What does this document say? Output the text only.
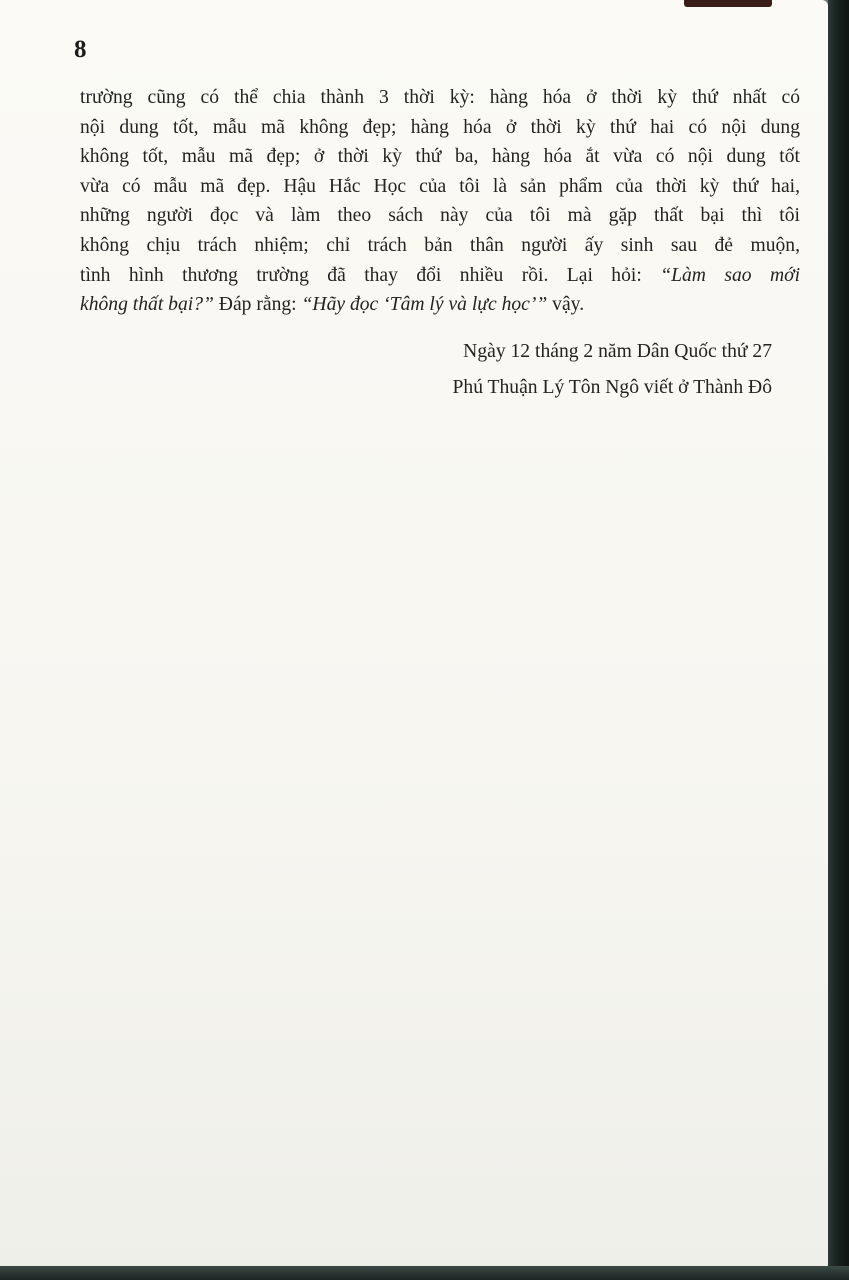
8
trường cũng có thể chia thành 3 thời kỳ: hàng hóa ở thời kỳ thứ nhất có
nội dung tốt, mẫu mã không đẹp; hàng hóa ở thời kỳ thứ hai có nội dung
không tốt, mẫu mã đẹp; ở thời kỳ thứ ba, hàng hóa ắt vừa có nội dung tốt
vừa có mẫu mã đẹp. Hậu Hắc Học của tôi là sản phẩm của thời kỳ thứ hai,
những người đọc và làm theo sách này của tôi mà gặp thất bại thì tôi
không chịu trách nhiệm; chỉ trách bản thân người ấy sinh sau đẻ muộn,
tình hình thương trường đã thay đổi nhiều rồi. Lại hỏi: “Làm sao mới
không thất bại?” Đáp rằng: “Hãy đọc ‘Tâm lý và lực học’” vậy.
Ngày 12 tháng 2 năm Dân Quốc thứ 27
Phú Thuận Lý Tôn Ngô viết ở Thành Đô
